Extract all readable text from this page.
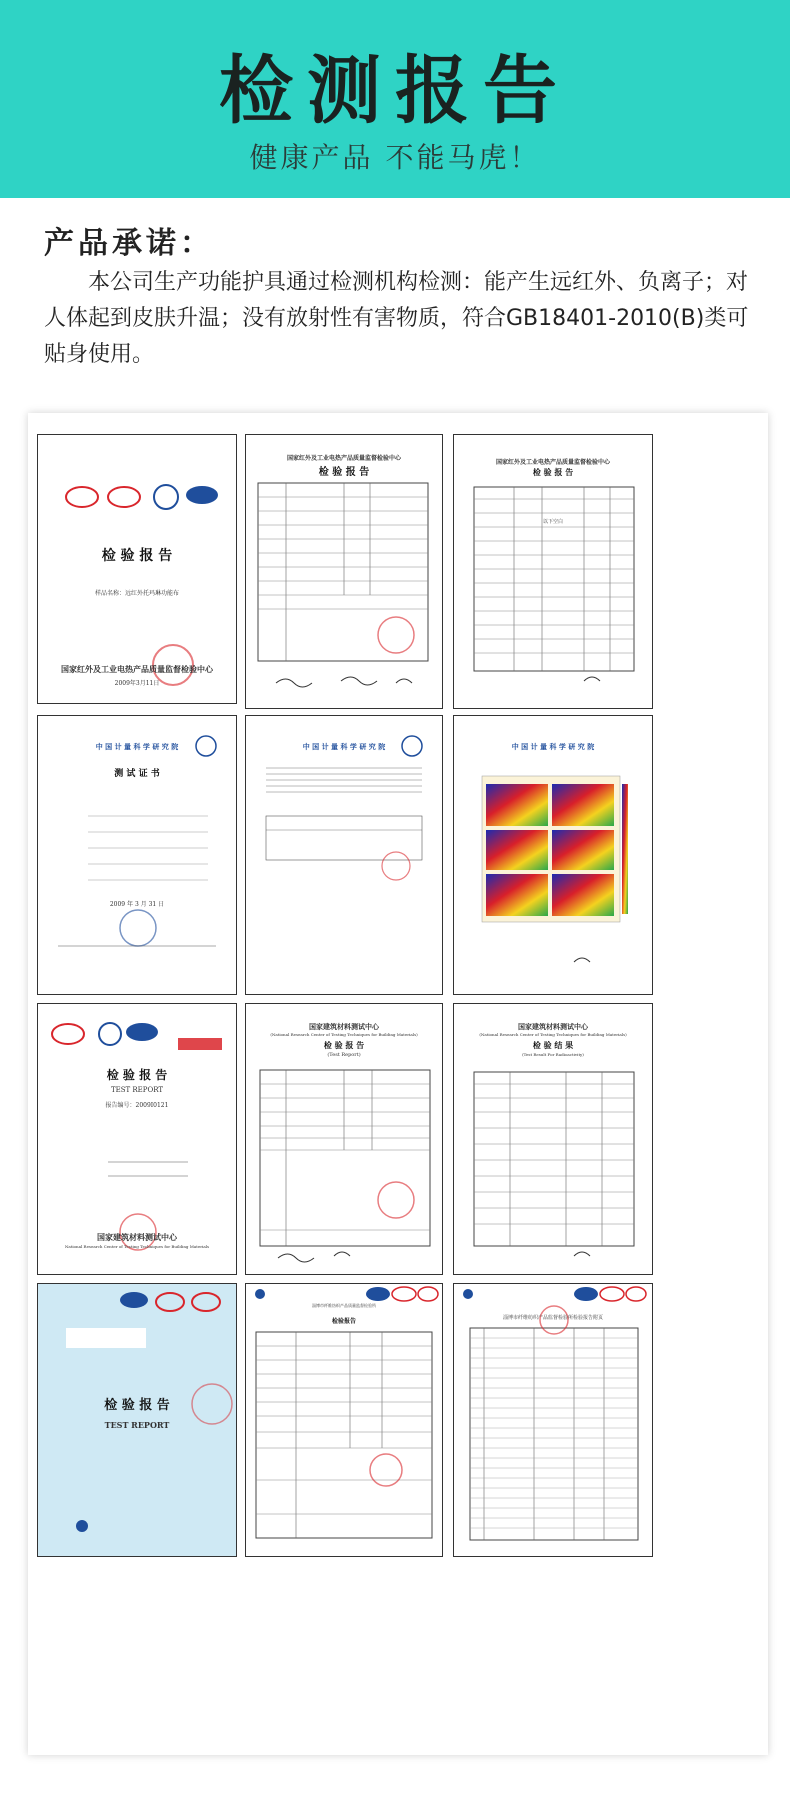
检测报告
健康产品 不能马虎！
产品承诺：

本公司生产功能护具通过检测机构检测：能产生远红外、负离子；对人体起到皮肤升温；没有放射性有害物质，符合GB18401-2010(B)类可贴身使用。

检 验 报 告
样品名称：远红外托玛琳功能布
国家红外及工业电热产品质量监督检验中心
2009年3月11日
国家红外及工业电热产品质量监督检验中心
检 验 报 告
国家红外及工业电热产品质量监督检验中心
检 验 报 告
以下空白
中 国 计 量 科 学 研 究 院
测 试 证 书
2009 年 3 月 31 日
中 国 计 量 科 学 研 究 院	中 国 计 量 科 学 研 究 院
检 验 报 告
TEST REPORT
报告编号：2009I0121
国家建筑材料测试中心
National Research Center of Testing Techniques for Building Materials
国家建筑材料测试中心
(National Research Center of Testing Techniques for Building Materials)
检 验 报 告
(Test Report)
国家建筑材料测试中心
(National Research Center of Testing Techniques for Building Materials)
检 验 结 果
(Test Result For Radioactivity)
检 验 报 告
TEST REPORT
淄博市纤维纺织产品质量监督检验所
检验报告	淄博市纤维纺织产品监督检验所检验报告附页
